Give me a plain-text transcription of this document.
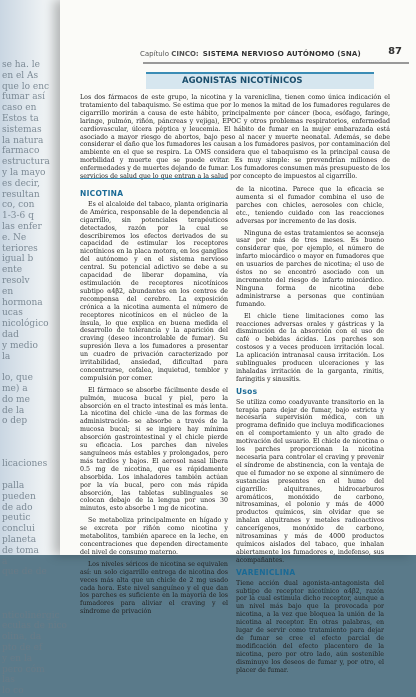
se ha. le
en el As
que lo enc
fumar así
caso en
Estos ta
sistemas
la natura
farmaco
estructura
y la mayo
es decir,
resultan
co, con
1-3-6 q
las enfer
e. Ne
teriores
igual b
ente
resolv
en
hormona
ucas
nicológico
dad
y medio
la

lo, que
me) a
do me
de la
o dep

licaciones

palla
pueden
de ado
peutic
conclui
planeta
de toma
a
que de de

nticolinérgic
eculas de nico
olina, da
pto de ef
y en la
pero cóm
las
lo co
Capítulo CINCO: SISTEMA NERVIOSO AUTÓNOMO (SNA)	87
AGONISTAS NICOTÍNICOS

Los dos fármacos de este grupo, la nicotina y la vareniclina, tienen como única indicación el tratamiento del tabaquismo. Se estima que por lo menos la mitad de los fumadores regulares de cigarrillo morirán a causa de este hábito, principalmente por cáncer (boca, esófago, faringe, laringe, pulmón, riñón, páncreas y vejiga), EPOC y otros problemas respiratorios, enfermedad cardiovascular, úlcera péptica y leucemia. El hábito de fumar en la mujer embarazada está asociado a mayor riesgo de abortos, bajo peso al nacer y muerte neonatal. Además, se debe considerar el daño que los fumadores les causan a los fumadores pasivos, por contaminación del ambiente en el que se respira. La OMS considera que el tabaquismo es la principal causa de morbilidad y muerte que se puede evitar. Es muy simple: se prevendrían millones de enfermedades y de muertes dejando de fumar. Los fumadores consumen más presupuesto de los servicios de salud que lo que entran a la salud por concepto de impuestos al cigarrillo.

NICOTINA

Es el alcaloide del tabaco, planta originaria de América, responsable de la dependencia al cigarrillo, sin potenciales terapéuticos detectados, razón por la cual se describiremos los efectos derivados de su capacidad de estimular los receptores nicotínicos en la placa motora, en los ganglios del autónomo y en el sistema nervioso central. Su potencial adictivo se debe a su capacidad de liberar dopamina, vía estimulación de receptores nicotínicos subtipo α4β2, abundantes en los centros de recompensa del cerebro. La exposición crónica a la nicotina aumenta el número de receptores nicotínicos en el núcleo de la ínsula, lo que explica en buena medida el desarrollo de tolerancia y la aparición del craving (deseo incontrolable de fumar). Su supresión lleva a los fumadores a presentar un cuadro de privación caracterizado por irritabilidad, ansiedad, dificultad para concentrarse, cefalea, inquietud, temblor y compulsión por comer.

El fármaco se absorbe fácilmente desde el pulmón, mucosa bucal y piel, pero la absorción en el tracto intestinal es más lenta. La nicotina del chicle -una de las formas de administración- se absorbe a través de la mucosa bucal; si se ingiere hay mínima absorción gastrointestinal y el chicle pierde su eficacia. Los parches dan niveles sanguíneos más estables y prolongados, pero más tardíos y bajos. El aerosol nasal libera 0.5 mg de nicotina, que es rápidamente absorbida. Los inhaladores también actúan por la vía bucal, pero con más rápida absorción, las tabletas sublinguales se colocan debajo de la lengua por unos 30 minutos, esto absorbe 1 mg de nicotina.

Se metaboliza principalmente en hígado y se excreta por riñón como nicotina y metabolitos, también aparece en la leche, en concentraciones que dependen directamente del nivel de consumo materno.

Los niveles séricos de nicotina se equivalen así: un solo cigarrillo entrega de nicotina dos veces más alta que un chicle de 2 mg usado cada hora. Este nivel sanguíneo y el que dan los parches es suficiente en la mayoría de los fumadores para aliviar el craving y el síndrome de privación

de la nicotina. Parece que la eficacia se aumenta si el fumador combina el uso de parches con chicles, aerosoles con chicle, etc., teniendo cuidado con las reacciones adversas por incremento de las dosis.

Ninguna de estas tratamientos se aconseja usar por más de tres meses. Es bueno considerar que, por ejemplo, el número de infarto miocárdico o mayor en fumadores que en usuarios de parches de nicotina; el uso de éstos no se encontró asociado con un incremento del riesgo de infarto miocárdico. Ninguna forma de nicotina debe administrarse a personas que continúan fumando.

El chicle tiene limitaciones como las reacciones adversas orales y gástricas y la disminución de la absorción con el uso de café o bebidas ácidas. Los parches son costosos y a veces producen irritación local. La aplicación intranasal causa irritación. Los sublinguales producen ulceraciones y las inhaladas irritación de la garganta, rinitis, faringitis y sinusitis.

Usos

Se utiliza como coadyuvante transitorio en la terapia para dejar de fumar, bajo estricta y necesaria supervisión médica, con un programa definido que incluya modificaciones en el comportamiento y un alto grado de motivación del usuario. El chicle de nicotina o los parches proporcionan la nicotina necesaria para controlar el craving y prevenir el síndrome de abstinencia, con la ventaja de que el fumador no se expone al sinnúmero de sustancias presentes en el humo del cigarrillo: alquitranes, hidrocarburos aromáticos, monóxido de carbono, nitrosaminas, el polonio y más de 4000 productos químicos, sin olvidar que se inhalan alquitranes y metales radioactivos cancerígenos, monóxido de carbono, nitrosaminas y más de 4000 productos químicos aislados del tabaco, que inhalan abiertamente los fumadores e, indefenso, sus acompañantes.

VARENICLINA

Tiene acción dual agonista-antagonista del subtipo de receptor nicotínico α4β2, razón por la cual estimula dicho receptor, aunque a un nivel más bajo que la provocada por nicotina, a la vez que bloquea la unión de la nicotina al receptor. En otras palabras, en lugar de servir como tratamiento para dejar de fumar se cree el efecto parcial de modificación del efecto placentero de la nicotina, pero por otro lado, aún sostenible disminuye los deseos de fumar y, por otro, el placer de fumar.
